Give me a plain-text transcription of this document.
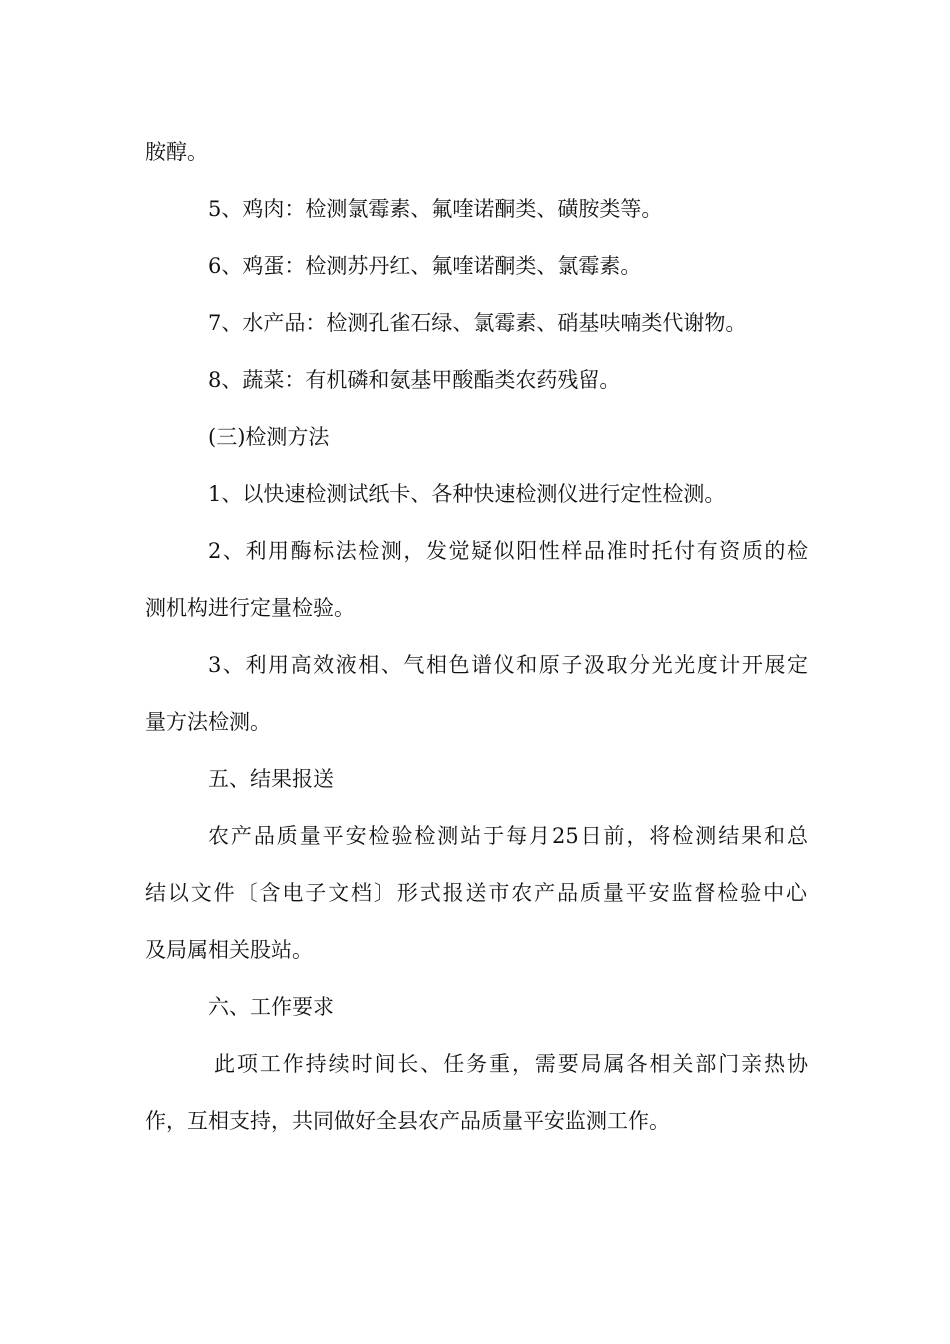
胺醇。
5、鸡肉：检测氯霉素、氟喹诺酮类、磺胺类等。
6、鸡蛋：检测苏丹红、氟喹诺酮类、氯霉素。
7、水产品：检测孔雀石绿、氯霉素、硝基呋喃类代谢物。
8、蔬菜：有机磷和氨基甲酸酯类农药残留。
(三)检测方法
1、以快速检测试纸卡、各种快速检测仪进行定性检测。
2、利用酶标法检测，发觉疑似阳性样品准时托付有资质的检
测机构进行定量检验。
3、利用高效液相、气相色谱仪和原子汲取分光光度计开展定
量方法检测。
五、结果报送
农产品质量平安检验检测站于每月25日前，将检测结果和总
结以文件〔含电子文档〕形式报送市农产品质量平安监督检验中心
及局属相关股站。
六、工作要求
此项工作持续时间长、任务重，需要局属各相关部门亲热协
作，互相支持，共同做好全县农产品质量平安监测工作。
